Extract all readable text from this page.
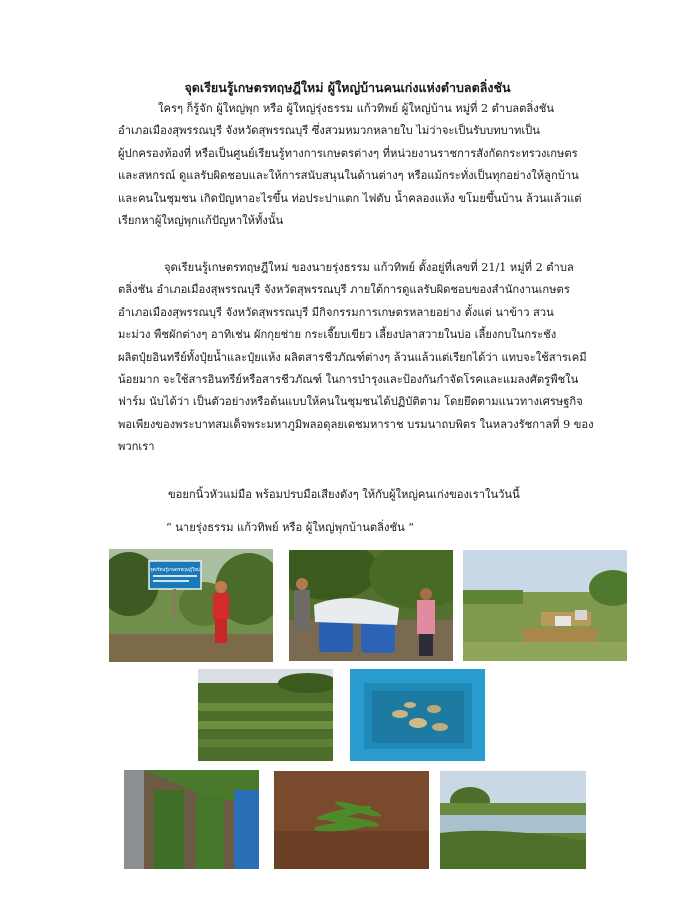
จุดเรียนรู้เกษตรทฤษฎีใหม่ ผู้ใหญ่บ้านคนเก่งแห่งตำบลตลิ่งชัน

ใครๆ ก็รู้จัก ผู้ใหญ่พุก หรือ ผู้ใหญ่รุ่งธรรม แก้วทิพย์ ผู้ใหญ่บ้าน หมู่ที่ 2 ตำบลตลิ่งชัน
อำเภอเมืองสุพรรณบุรี จังหวัดสุพรรณบุรี ซึ่งสวมหมวกหลายใบ ไม่ว่าจะเป็นรับบทบาทเป็น
ผู้ปกครองท้องที่ หรือเป็นศูนย์เรียนรู้ทางการเกษตรต่างๆ ที่หน่วยงานราชการสังกัดกระทรวงเกษตร
และสหกรณ์ ดูแลรับผิดชอบและให้การสนับสนุนในด้านต่างๆ หรือแม้กระทั่งเป็นทุกอย่างให้ลูกบ้าน
และคนในชุมชน เกิดปัญหาอะไรขึ้น ท่อประปาแตก ไฟดับ น้ำคลองแห้ง ขโมยขึ้นบ้าน ล้วนแล้วแต่
เรียกหาผู้ใหญ่พุกแก้ปัญหาให้ทั้งนั้น

จุดเรียนรู้เกษตรทฤษฎีใหม่ ของนายรุ่งธรรม แก้วทิพย์ ตั้งอยู่ที่เลขที่ 21/1 หมู่ที่ 2 ตำบล
ตลิ่งชัน อำเภอเมืองสุพรรณบุรี จังหวัดสุพรรณบุรี ภายใต้การดูแลรับผิดชอบของสำนักงานเกษตร
อำเภอเมืองสุพรรณบุรี จังหวัดสุพรรณบุรี มีกิจกรรมการเกษตรหลายอย่าง ตั้งแต่ นาข้าว สวน
มะม่วง พืชผักต่างๆ อาทิเช่น ผักกุยช่าย กระเจี๊ยบเขียว เลี้ยงปลาสวายในบ่อ เลี้ยงกบในกระชัง
ผลิตปุ๋ยอินทรีย์ทั้งปุ๋ยน้ำและปุ๋ยแห้ง ผลิตสารชีวภัณฑ์ต่างๆ ล้วนแล้วแต่เรียกได้ว่า แทบจะใช้สารเคมี
น้อยมาก จะใช้สารอินทรีย์หรือสารชีวภัณฑ์ ในการบำรุงและป้องกันกำจัดโรคและแมลงศัตรูพืชใน
ฟาร์ม นับได้ว่า เป็นตัวอย่างหรือต้นแบบให้คนในชุมชนได้ปฏิบัติตาม โดยยึดตามแนวทางเศรษฐกิจ
พอเพียงของพระบาทสมเด็จพระมหาภูมิพลอดุลยเดชมหาราช บรมนาถบพิตร ในหลวงรัชกาลที่ 9 ของ
พวกเรา

ขอยกนิ้วหัวแม่มือ พร้อมปรบมือเสียงดังๆ ให้กับผู้ใหญ่คนเก่งของเราในวันนี้

“ นายรุ่งธรรม แก้วทิพย์ หรือ ผู้ใหญ่พุกบ้านตลิ่งชัน “

จุดเรียนรู้เกษตรทฤษฎีใหม่
